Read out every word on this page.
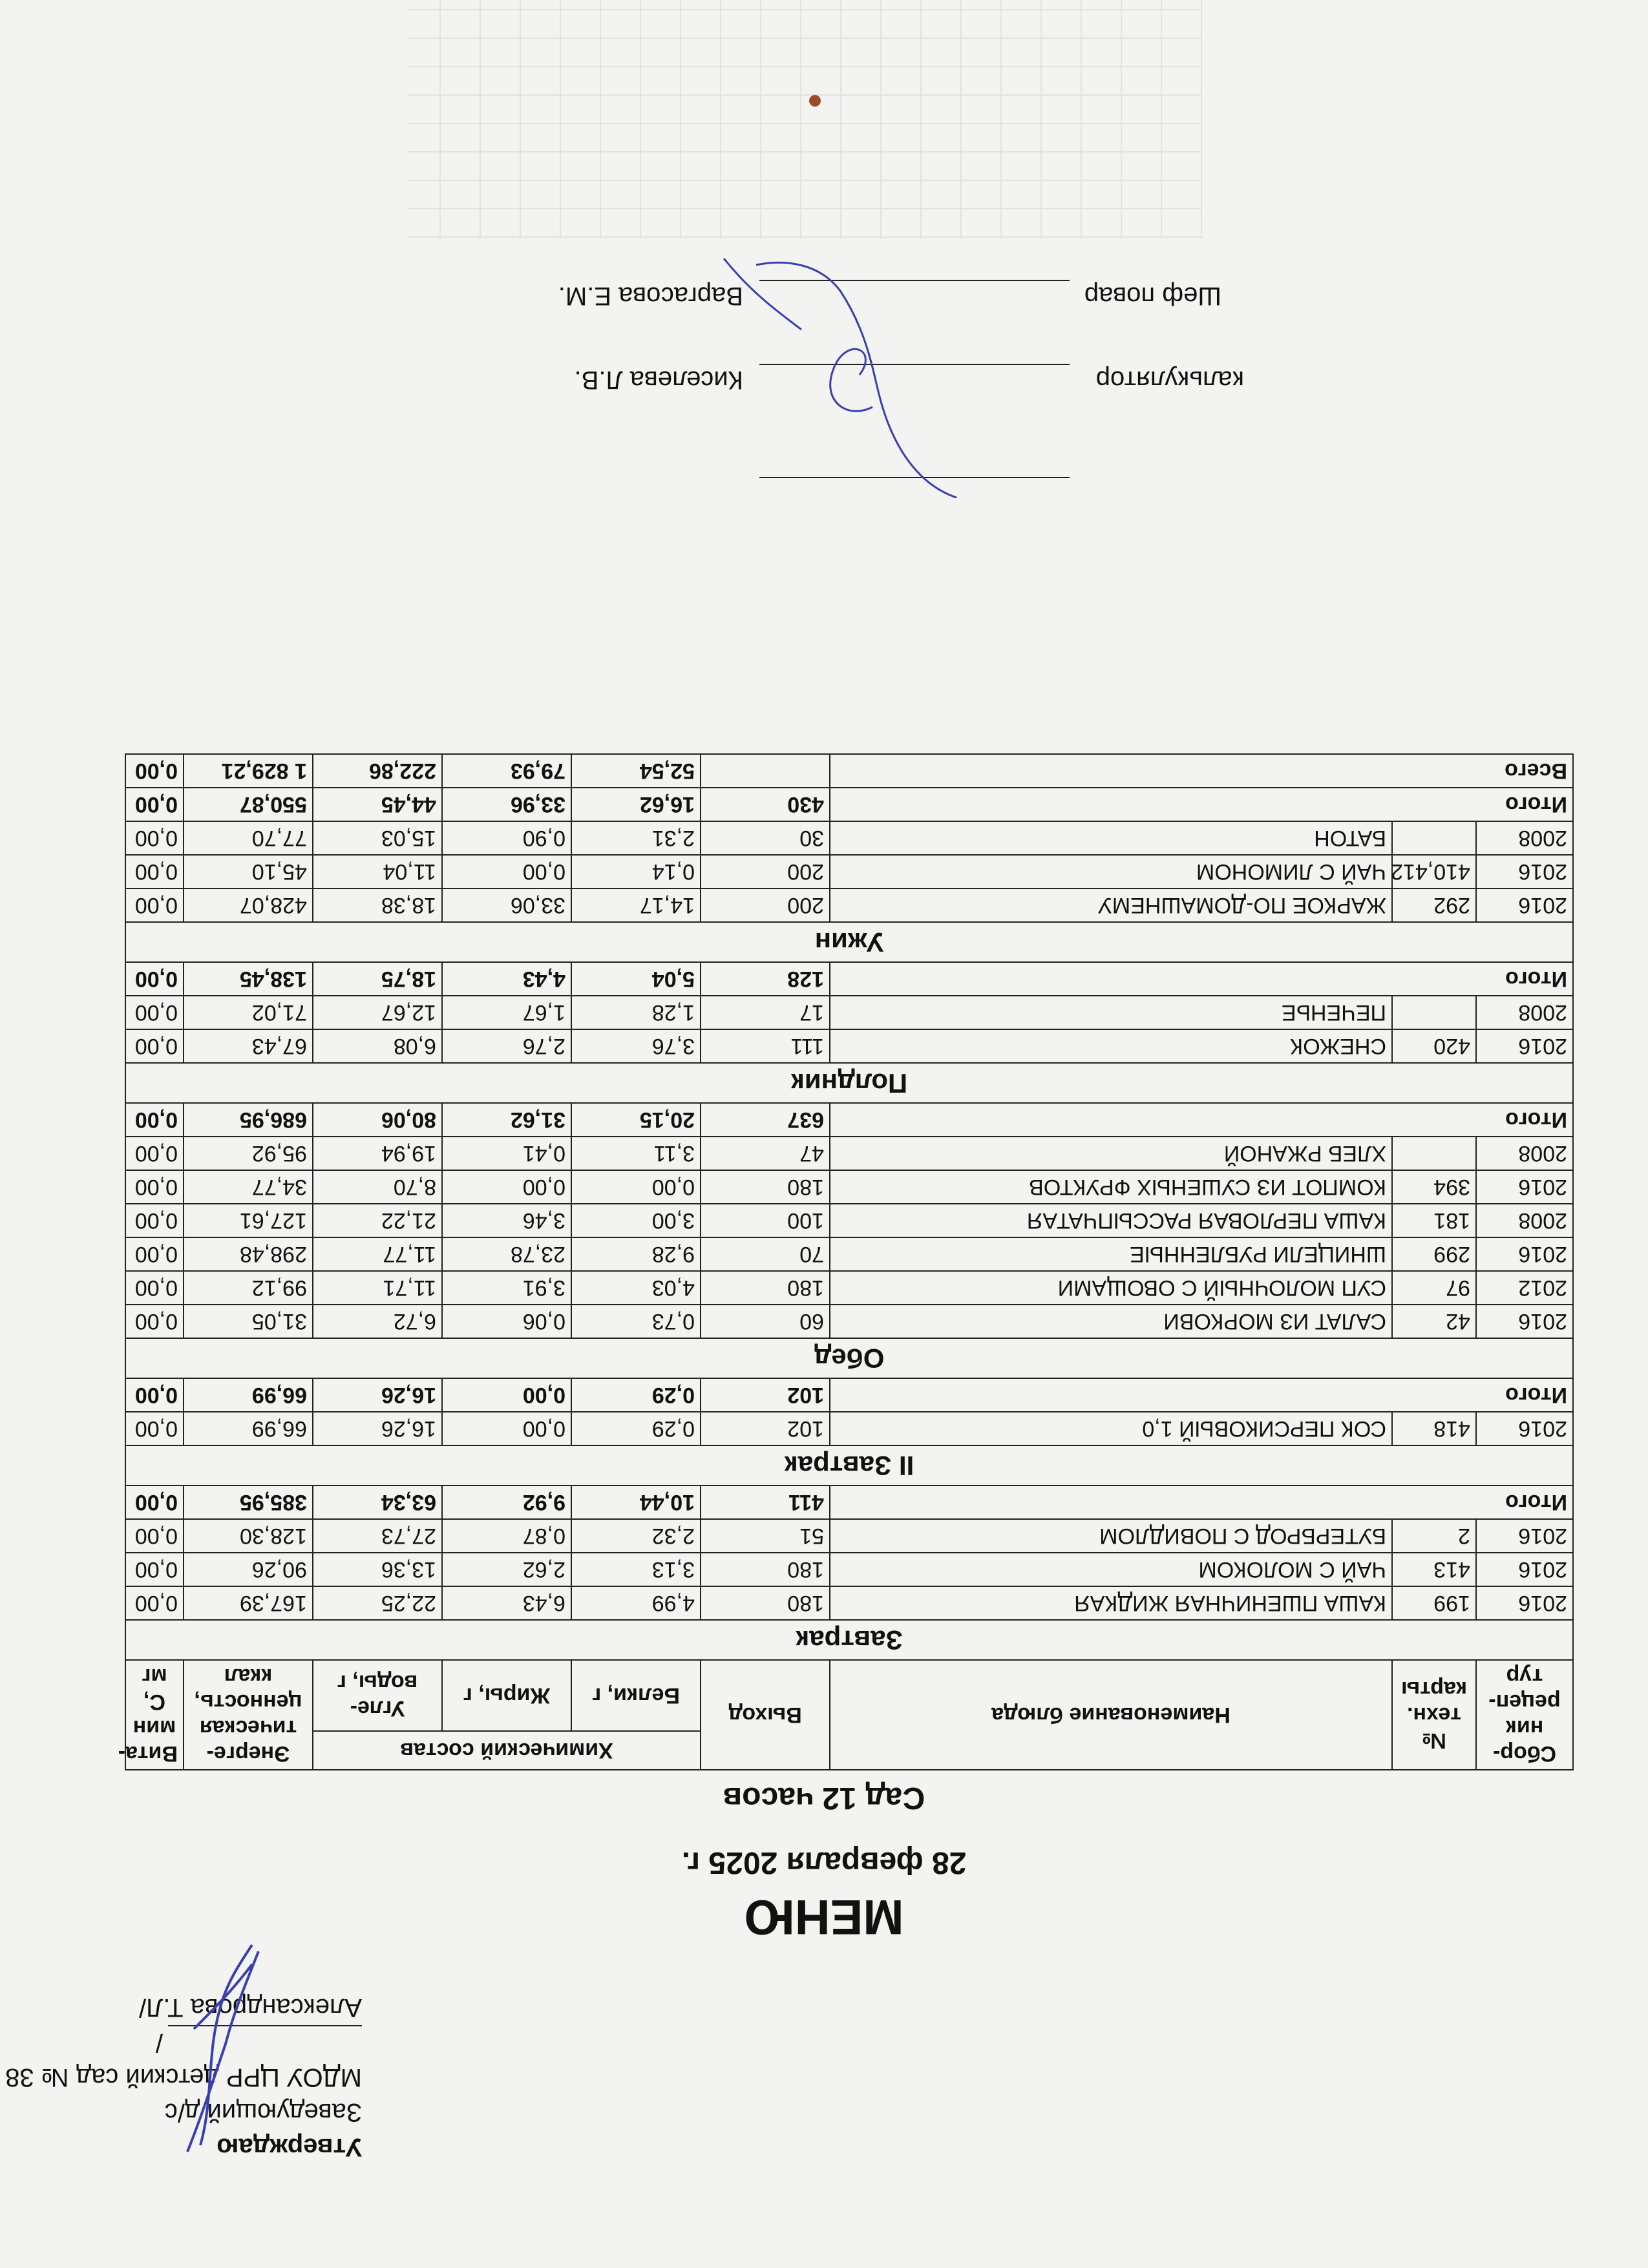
Утверждаю
Заведующий д/с
МДОУ ЦРР детский сад № 38
/Александрова Т.Л/
МЕНЮ
28 февраля 2025 г.
Сад 12 часов
Сбор-ник рецеп-тур	№ техн. карты	Наименование блюда	Выход	Химический состав			Энерге-тическая ценность, ккал	Вита-мин С, мг
				Белки, г	Жиры, г	Угле-воды, г		
Завтрак								
2016	199	КАША ПШЕНИЧНАЯ ЖИДКАЯ	180	4,99	6,43	22,25	167,39	0,00
2016	413	ЧАЙ С МОЛОКОМ	180	3,13	2,62	13,36	90,26	0,00
2016	2	БУТЕРБРОД С ПОВИДЛОМ	51	2,32	0,87	27,73	128,30	0,00
Итого			411	10,44	9,92	63,34	385,95	0,00
II Завтрак								
2016	418	СОК ПЕРСИКОВЫЙ 1,0	102	0,29	0,00	16,26	66,99	0,00
Итого			102	0,29	0,00	16,26	66,99	0,00
Обед								
2016	42	САЛАТ ИЗ МОРКОВИ	60	0,73	0,06	6,72	31,05	0,00
2012	97	СУП МОЛОЧНЫЙ С ОВОЩАМИ	180	4,03	3,91	11,71	99,12	0,00
2016	299	ШНИЦЕЛИ РУБЛЕННЫЕ	70	9,28	23,78	11,77	298,48	0,00
2008	181	КАША ПЕРЛОВАЯ РАССЫПЧАТАЯ	100	3,00	3,46	21,22	127,61	0,00
2016	394	КОМПОТ ИЗ СУШЕНЫХ ФРУКТОВ	180	0,00	0,00	8,70	34,77	0,00
2008		ХЛЕБ РЖАНОЙ	47	3,11	0,41	19,94	95,92	0,00
Итого			637	20,15	31,62	80,06	686,95	0,00
Полдник								
2016	420	СНЕЖОК	111	3,76	2,76	6,08	67,43	0,00
2008		ПЕЧЕНЬЕ	17	1,28	1,67	12,67	71,02	0,00
Итого			128	5,04	4,43	18,75	138,45	0,00
Ужин								
2016	292	ЖАРКОЕ ПО-ДОМАШНЕМУ	200	14,17	33,06	18,38	428,07	0,00
2016	410,412	ЧАЙ С ЛИМОНОМ	200	0,14	0,00	11,04	45,10	0,00
2008		БАТОН	30	2,31	0,90	15,03	77,70	0,00
Итого			430	16,62	33,96	44,45	550,87	0,00
Всего				52,54	79,93	222,86	1 829,21	0,00
калькулятор
Киселева Л.В.
Шеф повар
Варгасова Е.М.
